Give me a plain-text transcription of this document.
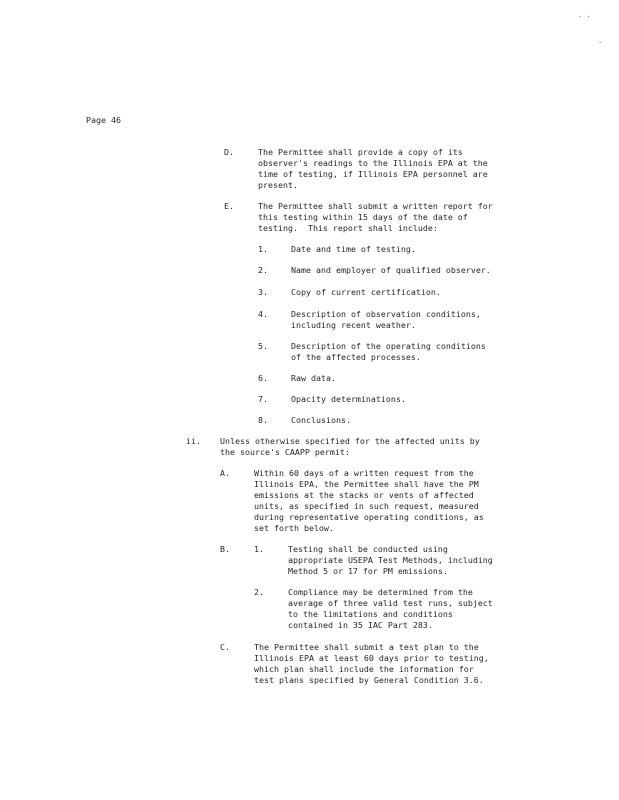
· ·
·
Page 46
D.	The Permittee shall provide a copy of its
observer's readings to the Illinois EPA at the
time of testing, if Illinois EPA personnel are
present.
E.	The Permittee shall submit a written report for
this testing within 15 days of the date of
testing.  This report shall include:
1.	Date and time of testing.
2.	Name and employer of qualified observer.
3.	Copy of current certification.
4.	Description of observation conditions,
including recent weather.
5.	Description of the operating conditions
of the affected processes.
6.	Raw data.
7.	Opacity determinations.
8.	Conclusions.
ii. Unless otherwise specified for the affected units by
the source's CAAPP permit:
A.	Within 60 days of a written request from the
Illinois EPA, the Permittee shall have the PM
emissions at the stacks or vents of affected
units, as specified in such request, measured
during representative operating conditions, as
set forth below.
B.	1.	Testing shall be conducted using
appropriate USEPA Test Methods, including
Method 5 or 17 for PM emissions.
2.	Compliance may be determined from the
average of three valid test runs, subject
to the limitations and conditions
contained in 35 IAC Part 283.
C.	The Permittee shall submit a test plan to the
Illinois EPA at least 60 days prior to testing,
which plan shall include the information for
test plans specified by General Condition 3.6.
